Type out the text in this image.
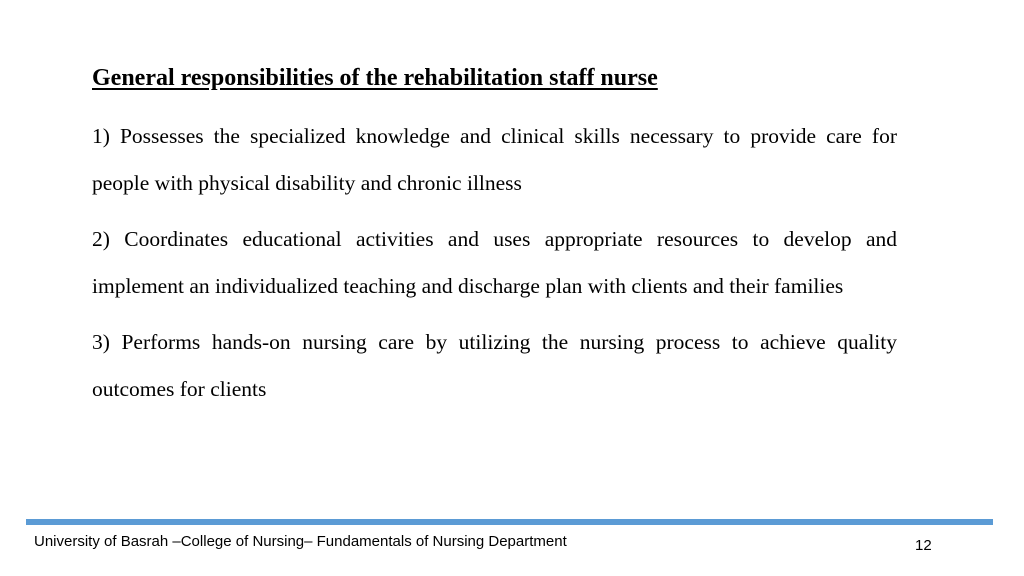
General responsibilities of the rehabilitation staff nurse
1) Possesses the specialized knowledge and clinical skills necessary to provide care for people with physical disability and chronic illness
2) Coordinates educational activities and uses appropriate resources to develop and implement an individualized teaching and discharge plan with clients and their families
3) Performs hands-on nursing care by utilizing the nursing process to achieve quality outcomes for clients
University of Basrah –College of Nursing– Fundamentals of Nursing Department	12
